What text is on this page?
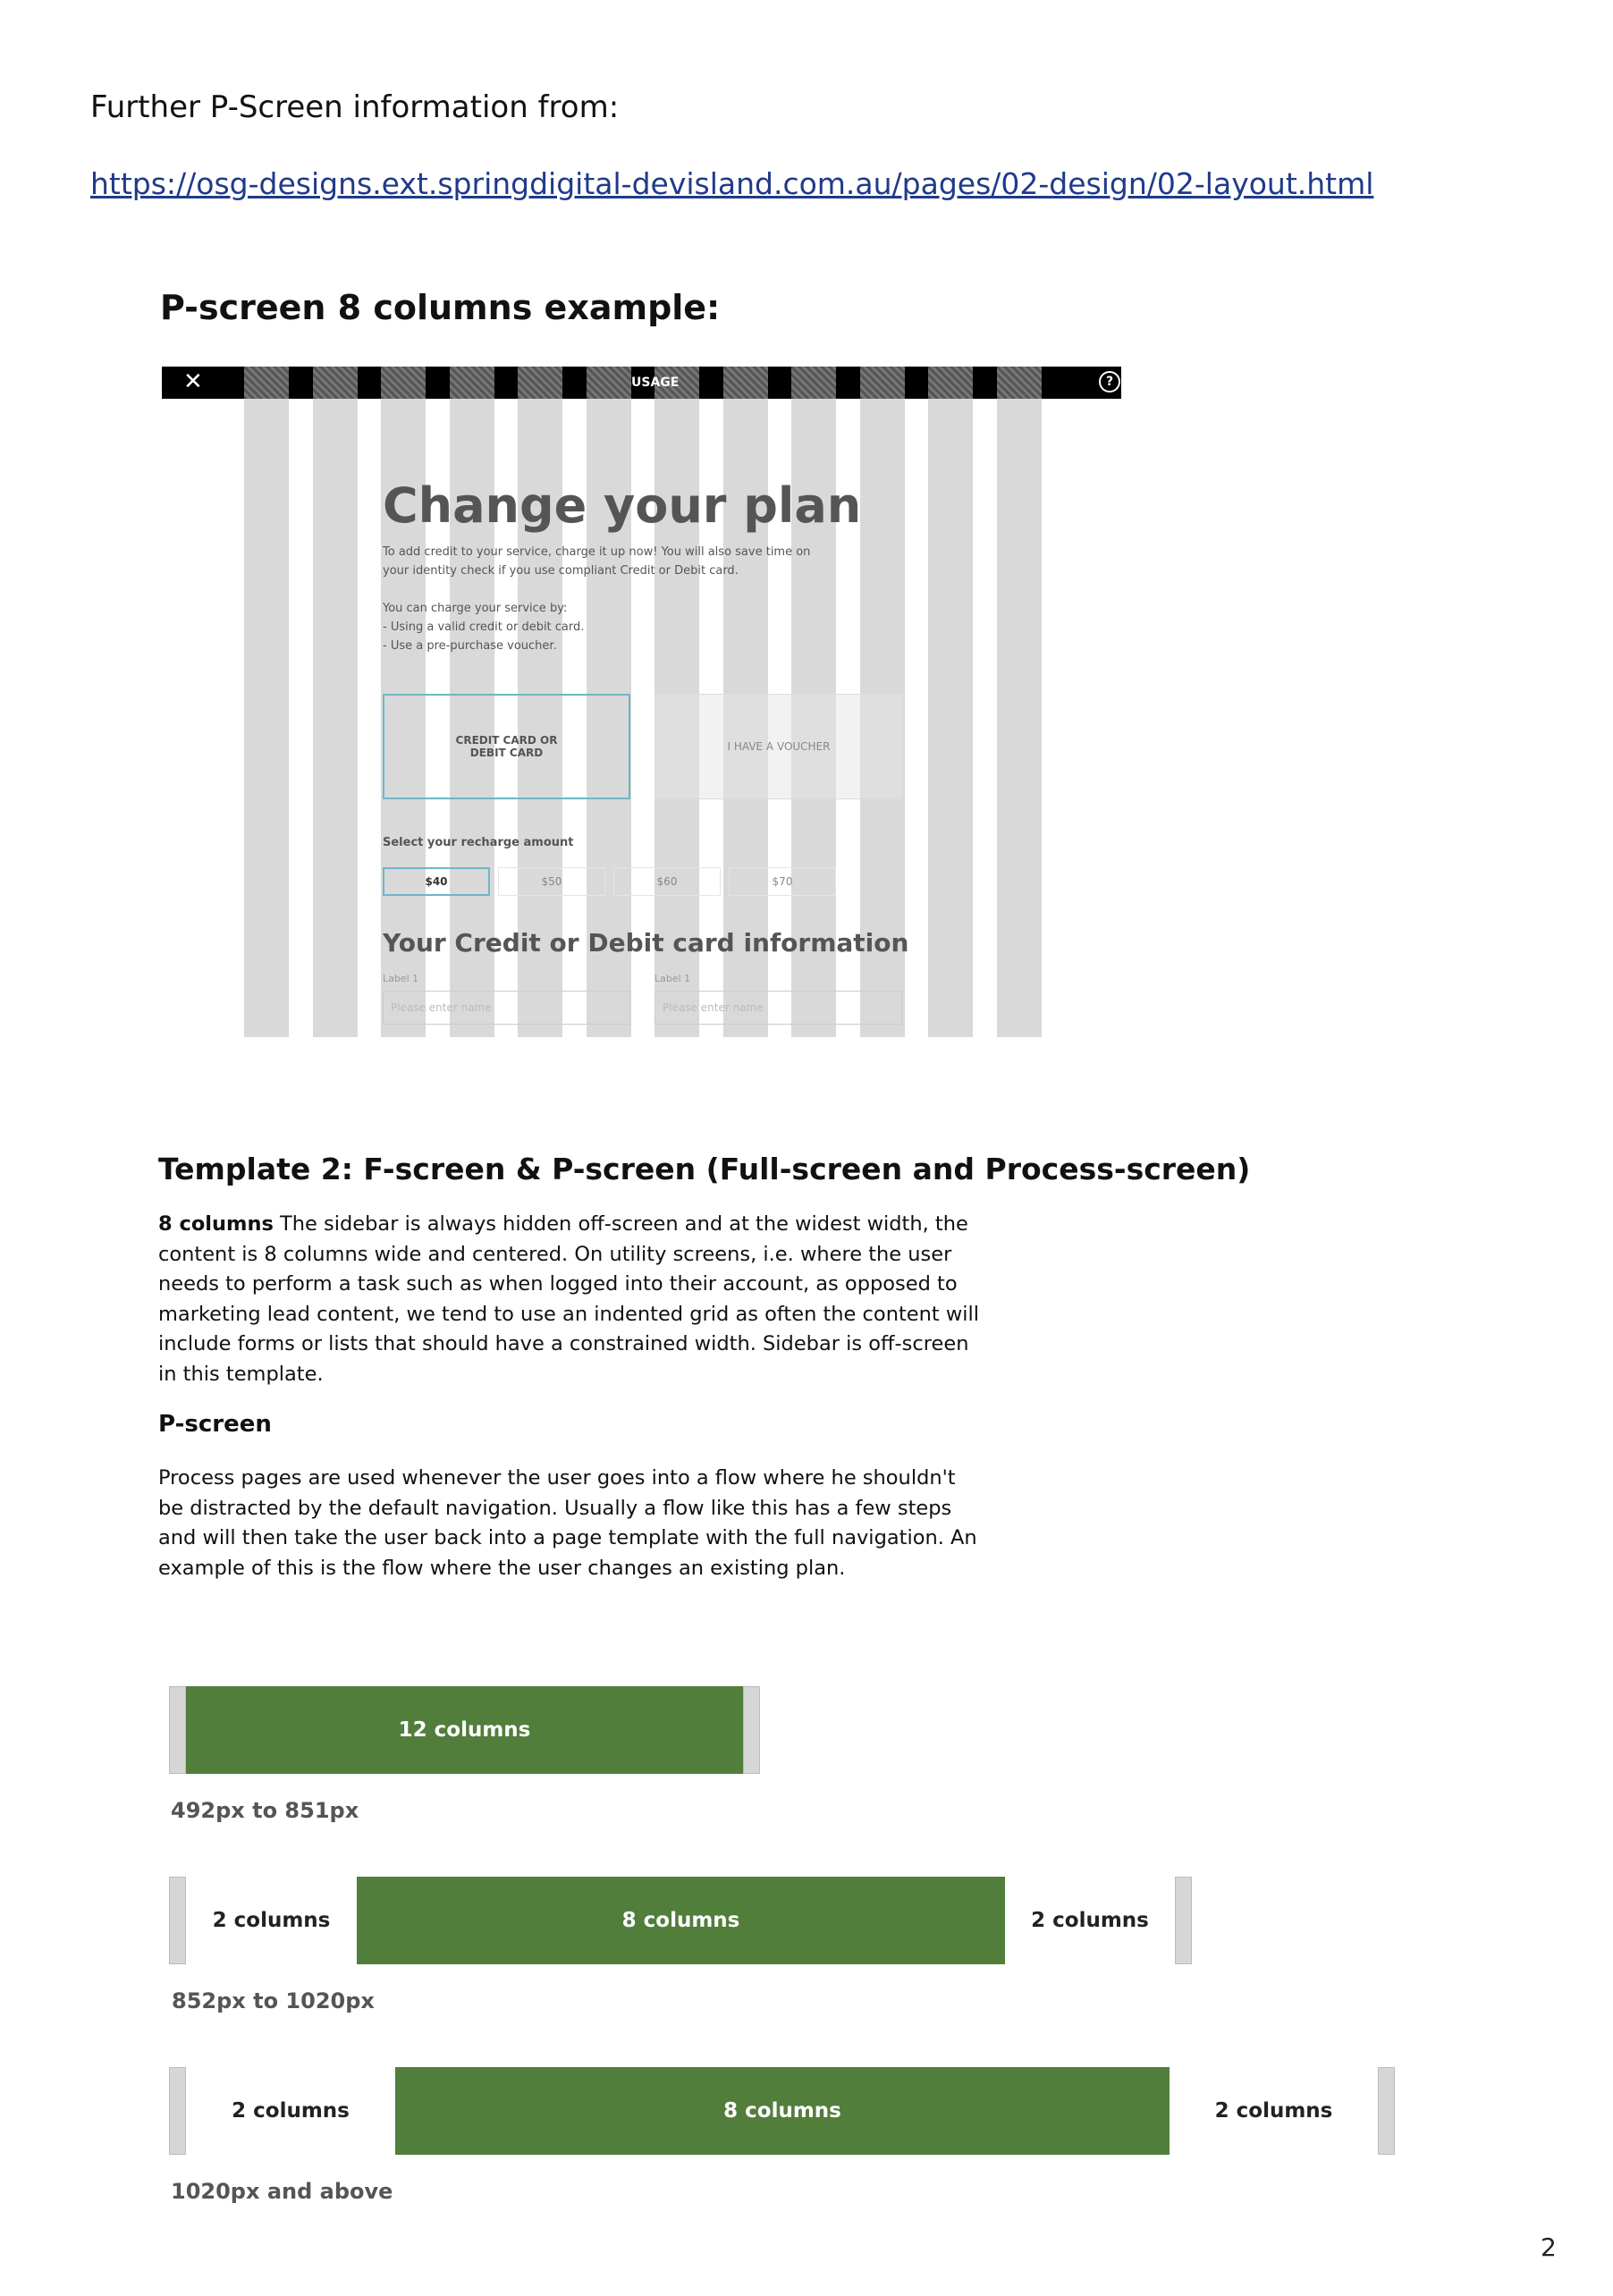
Further P-Screen information from:
https://osg-designs.ext.springdigital-devisland.com.au/pages/02-design/02-layout.html
P-screen 8 columns example:
✕	USAGE	?
Change your plan
To add credit to your service, charge it up now! You will also save time on
your identity check if you use compliant Credit or Debit card.
You can charge your service by:
- Using a valid credit or debit card.
- Use a pre-purchase voucher.
CREDIT CARD OR
DEBIT CARD	I HAVE A VOUCHER
Select your recharge amount
$40	$50	$60	$70
Your Credit or Debit card information
Label 1	Label 1
Please enter name	Please enter name
Template 2: F-screen & P-screen (Full-screen and Process-screen)
8 columns The sidebar is always hidden off-screen and at the widest width, the content is 8 columns wide and centered. On utility screens, i.e. where the user needs to perform a task such as when logged into their account, as opposed to marketing lead content, we tend to use an indented grid as often the content will include forms or lists that should have a constrained width. Sidebar is off-screen in this template.
P-screen
Process pages are used whenever the user goes into a flow where he shouldn't be distracted by the default navigation. Usually a flow like this has a few steps and will then take the user back into a page template with the full navigation. An example of this is the flow where the user changes an existing plan.
12 columns
492px to 851px
2 columns	8 columns	2 columns
852px to 1020px
2 columns	8 columns	2 columns
1020px and above
2
